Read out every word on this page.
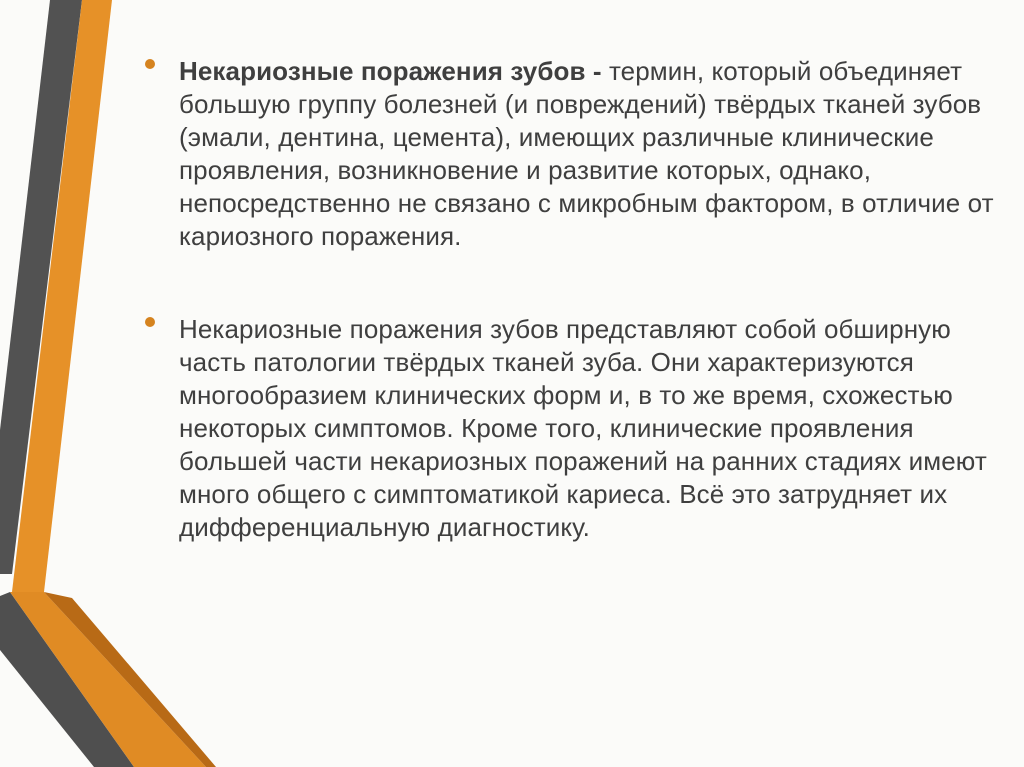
Некариозные поражения зубов - термин, который объединяет большую группу болезней (и повреждений) твёрдых тканей зубов (эмали, дентина, цемента), имеющих различные клинические проявления, возникновение и развитие которых, однако, непосредственно не связано с микробным фактором, в отличие от кариозного поражения.
Некариозные поражения зубов представляют собой обширную часть патологии твёрдых тканей зуба. Они характеризуются многообразием клинических форм и, в то же время, схожестью некоторых симптомов. Кроме того, клинические проявления большей части некариозных поражений на ранних стадиях имеют много общего с симптоматикой кариеса. Всё это затрудняет их дифференциальную диагностику.
